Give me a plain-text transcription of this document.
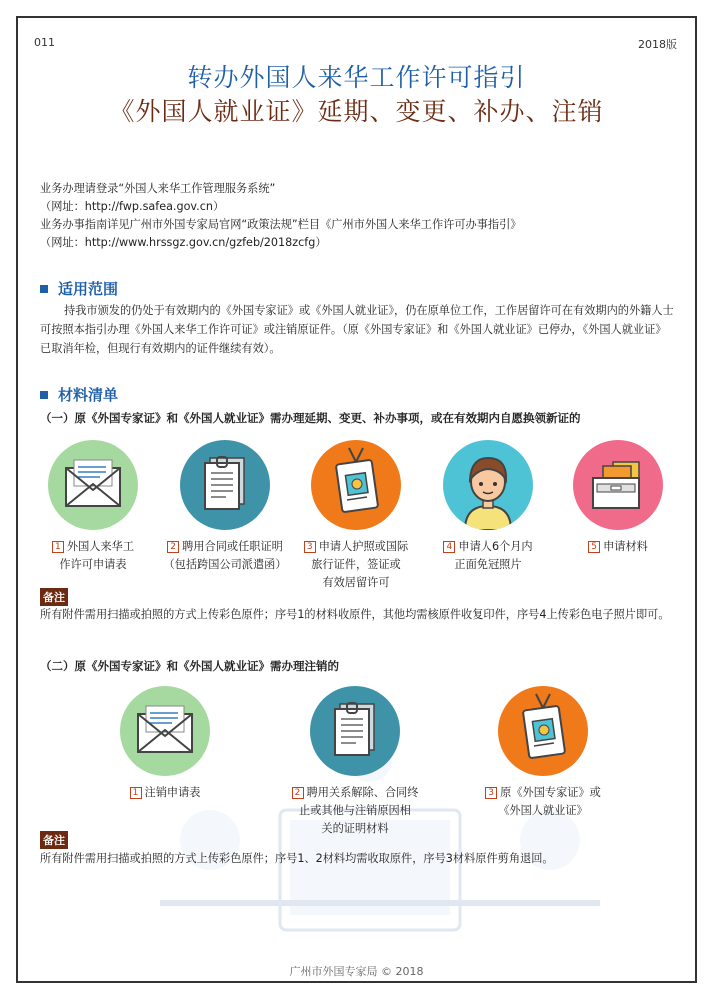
011	2018版
转办外国人来华工作许可指引
《外国人就业证》延期、变更、补办、注销
业务办理请登录“外国人来华工作管理服务系统”
（网址：http://fwp.safea.gov.cn）
业务办事指南详见广州市外国专家局官网“政策法规”栏目《广州市外国人来华工作许可办事指引》
（网址：http://www.hrssgz.gov.cn/gzfeb/2018zcfg）
适用范围
持我市颁发的仍处于有效期内的《外国专家证》或《外国人就业证》，仍在原单位工作，工作居留许可在有效期内的外籍人士可按照本指引办理《外国人来华工作许可证》或注销原证件。（原《外国专家证》和《外国人就业证》已停办，《外国人就业证》已取消年检，但现行有效期内的证件继续有效）。
材料清单
（一）原《外国专家证》和《外国人就业证》需办理延期、变更、补办事项，或在有效期内自愿换领新证的
1 外国人来华工
作许可申请表
2 聘用合同或任职证明
（包括跨国公司派遣函）
3 申请人护照或国际
旅行证件，签证或
有效居留许可
4 申请人6个月内
正面免冠照片
5 申请材料
备注
所有附件需用扫描或拍照的方式上传彩色原件；序号1的材料收原件，其他均需核原件收复印件，序号4上传彩色电子照片即可。
（二）原《外国专家证》和《外国人就业证》需办理注销的
1 注销申请表	2 聘用关系解除、合同终
止或其他与注销原因相
关的证明材料
3 原《外国专家证》或
《外国人就业证》
备注
所有附件需用扫描或拍照的方式上传彩色原件；序号1、2材料均需收取原件，序号3材料原件剪角退回。
广州市外国专家局 © 2018
